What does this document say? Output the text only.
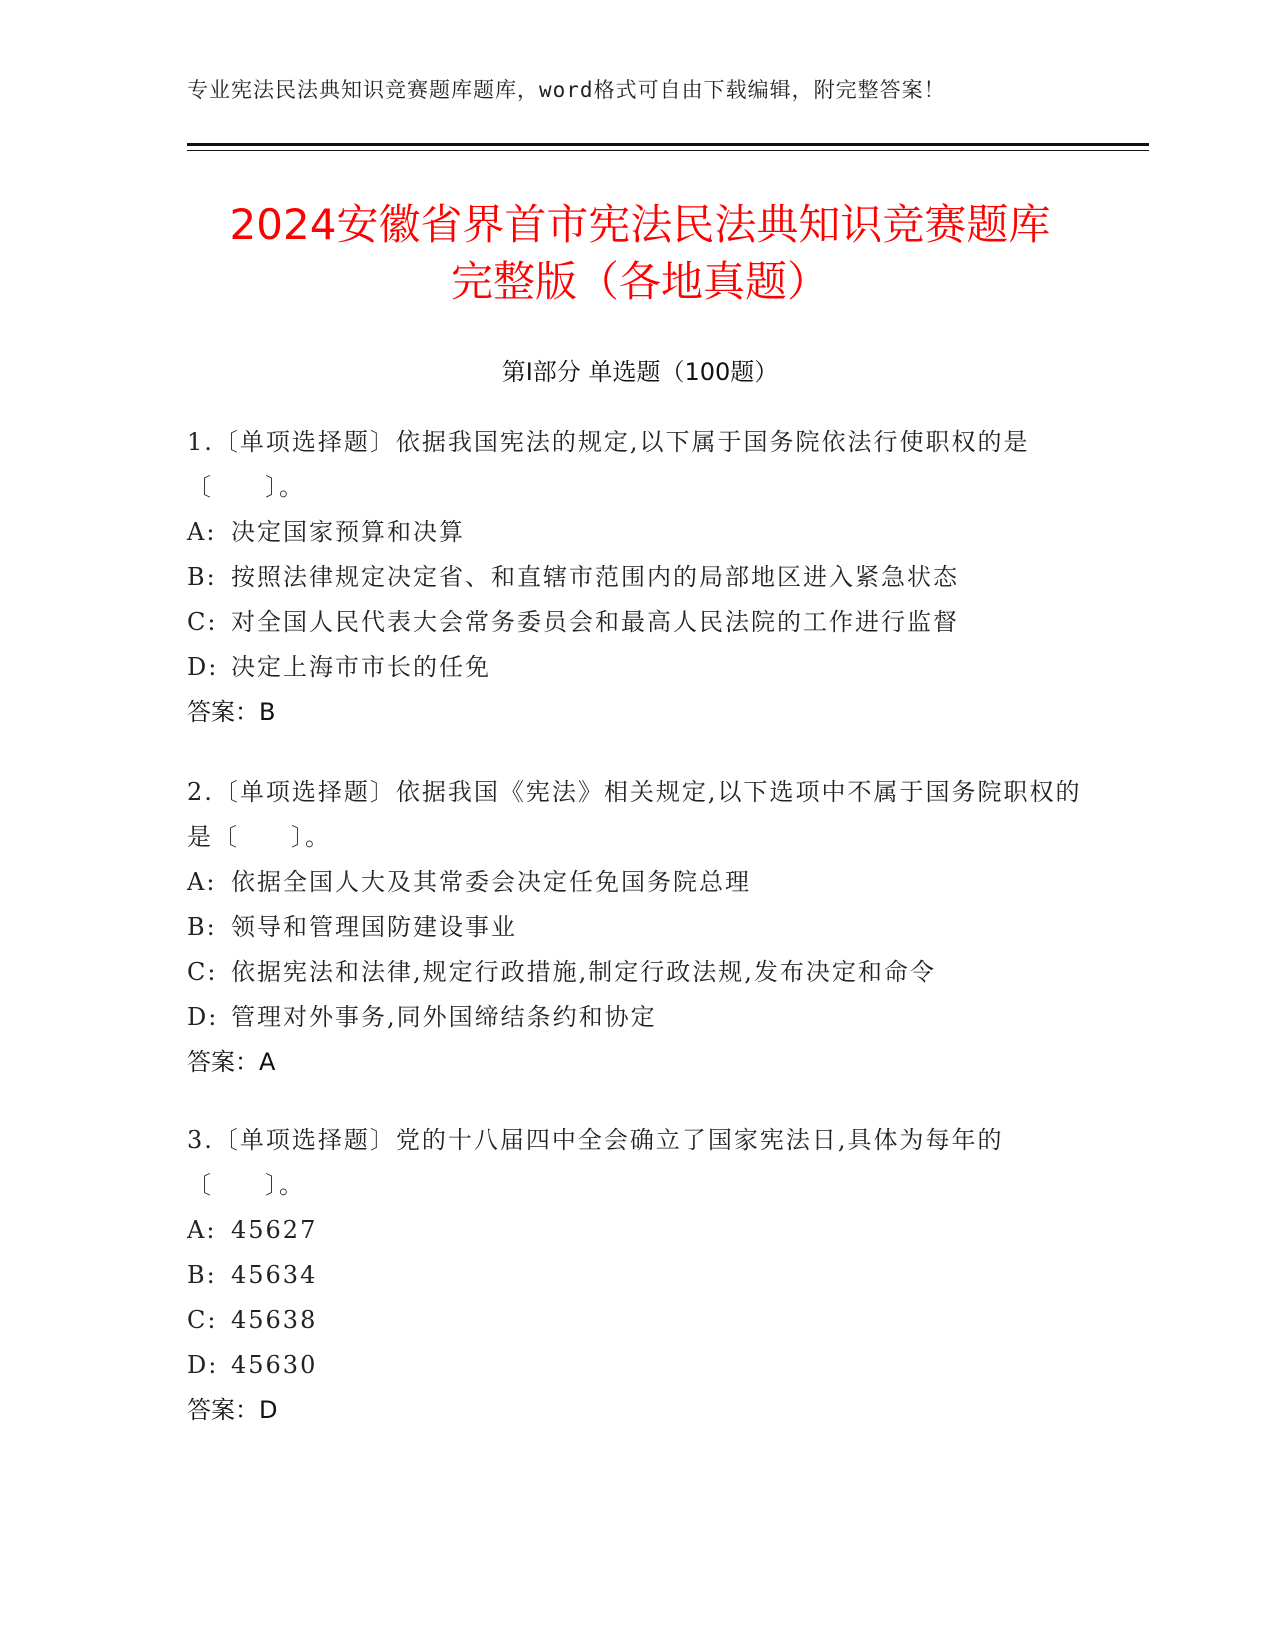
专业宪法民法典知识竞赛题库题库，word格式可自由下载编辑，附完整答案！
2024安徽省界首市宪法民法典知识竞赛题库
完整版（各地真题）
第Ⅰ部分 单选题（100题）

1.〔单项选择题〕依据我国宪法的规定,以下属于国务院依法行使职权的是〔　　〕。

A: 决定国家预算和决算

B: 按照法律规定决定省、和直辖市范围内的局部地区进入紧急状态

C: 对全国人民代表大会常务委员会和最高人民法院的工作进行监督

D: 决定上海市市长的任免

答案：B

2.〔单项选择题〕依据我国《宪法》相关规定,以下选项中不属于国务院职权的是〔　　〕。

A: 依据全国人大及其常委会决定任免国务院总理

B: 领导和管理国防建设事业

C: 依据宪法和法律,规定行政措施,制定行政法规,发布决定和命令

D: 管理对外事务,同外国缔结条约和协定

答案：A

3.〔单项选择题〕党的十八届四中全会确立了国家宪法日,具体为每年的〔　　〕。

A: 45627

B: 45634

C: 45638

D: 45630

答案：D
